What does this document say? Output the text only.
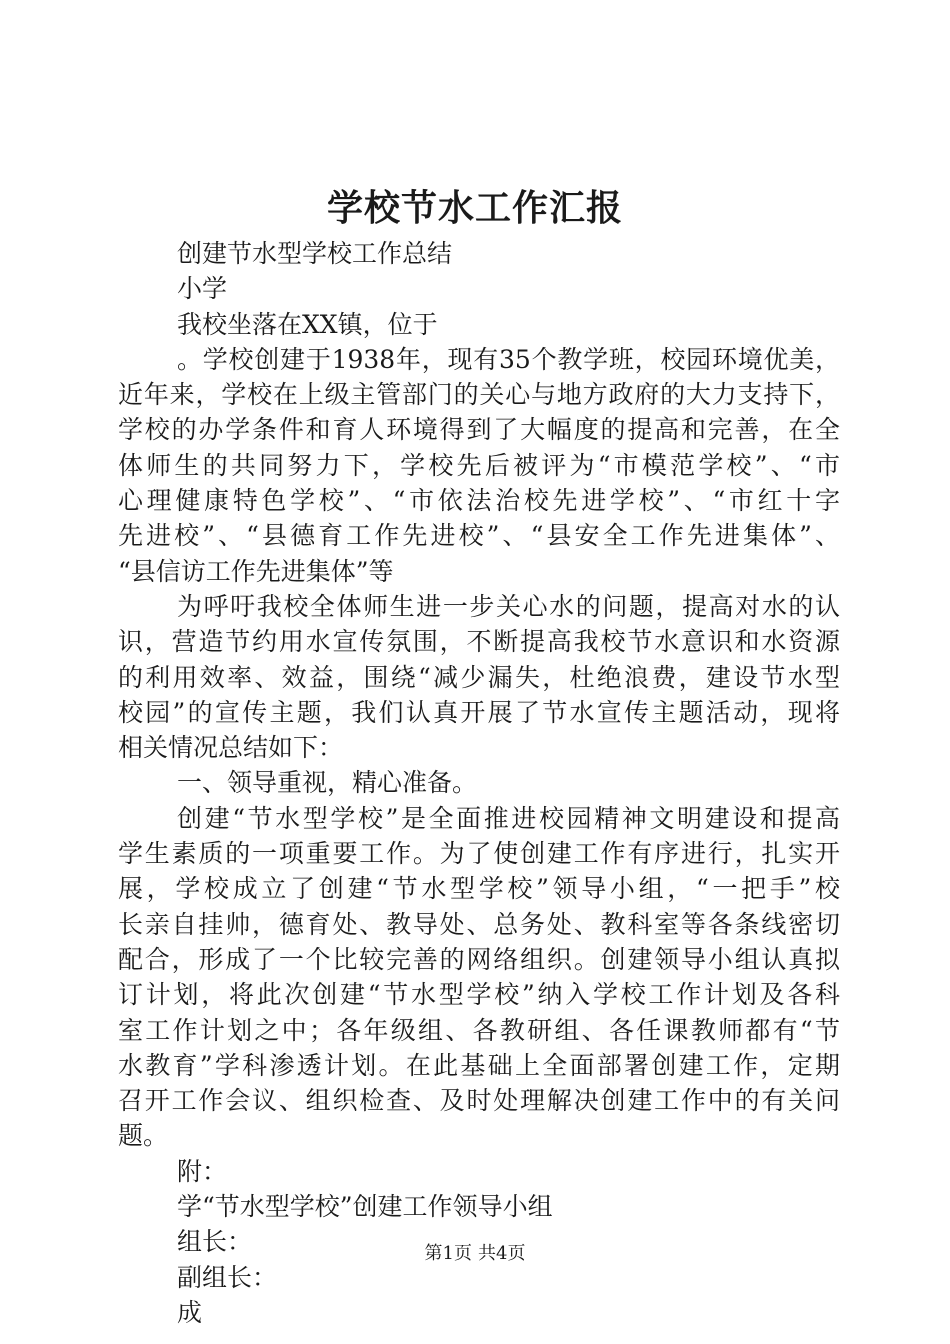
学校节水工作汇报

创建节水型学校工作总结

小学

我校坐落在XX镇，位于

。学校创建于1938年，现有35个教学班，校园环境优美，

近年来，学校在上级主管部门的关心与地方政府的大力支持下，

学校的办学条件和育人环境得到了大幅度的提高和完善，在全

体师生的共同努力下，学校先后被评为“市模范学校”、“市

心理健康特色学校”、“市依法治校先进学校”、“市红十字

先进校”、“县德育工作先进校”、“县安全工作先进集体”、

“县信访工作先进集体”等

为呼吁我校全体师生进一步关心水的问题，提高对水的认

识，营造节约用水宣传氛围，不断提高我校节水意识和水资源

的利用效率、效益，围绕“减少漏失，杜绝浪费，建设节水型

校园”的宣传主题，我们认真开展了节水宣传主题活动，现将

相关情况总结如下：

一、领导重视，精心准备。

创建“节水型学校”是全面推进校园精神文明建设和提高

学生素质的一项重要工作。为了使创建工作有序进行，扎实开

展，学校成立了创建“节水型学校”领导小组，“一把手”校

长亲自挂帅，德育处、教导处、总务处、教科室等各条线密切

配合，形成了一个比较完善的网络组织。创建领导小组认真拟

订计划，将此次创建“节水型学校”纳入学校工作计划及各科

室工作计划之中；各年级组、各教研组、各任课教师都有“节

水教育”学科渗透计划。在此基础上全面部署创建工作，定期

召开工作会议、组织检查、及时处理解决创建工作中的有关问

题。

附：

学“节水型学校”创建工作领导小组

组长：

副组长：

成

第1页 共4页
